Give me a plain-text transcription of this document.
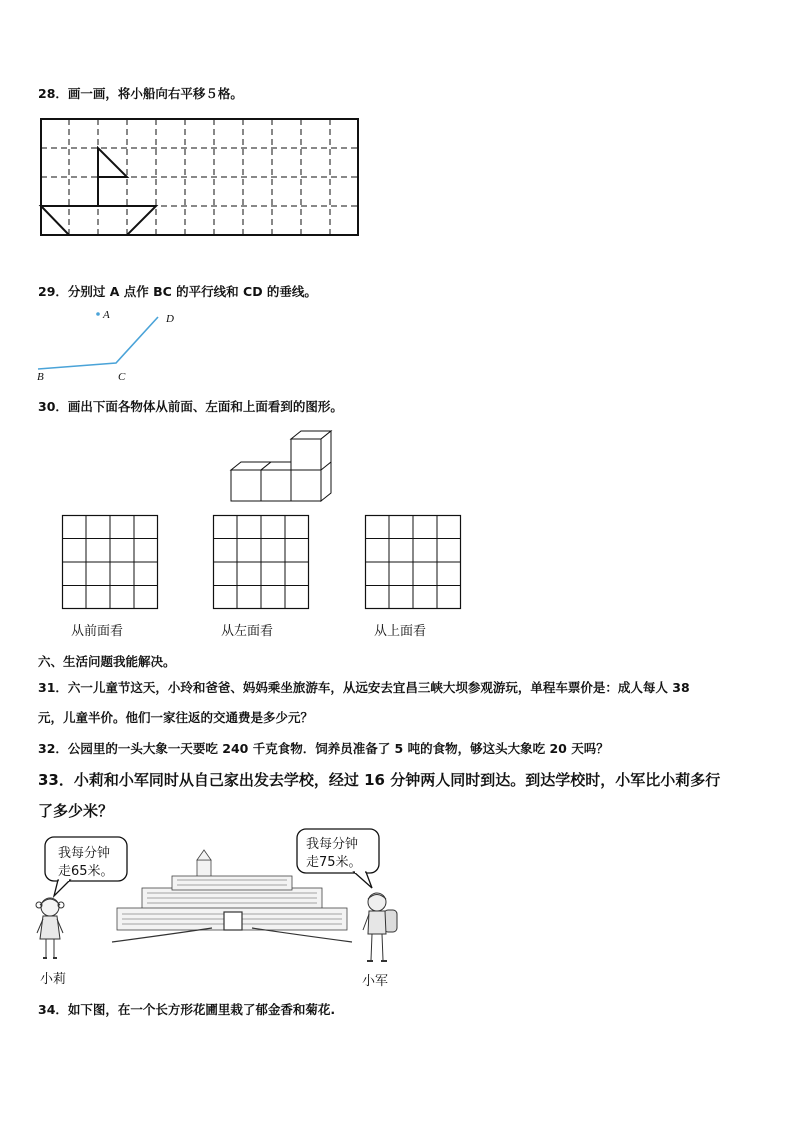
28．画一画，将小船向右平移５格。
29．分别过 A 点作 BC 的平行线和 CD 的垂线。
A	D
B	C
30．画出下面各物体从前面、左面和上面看到的图形。
从前面看	从左面看	从上面看
六、生活问题我能解决。
31．六一儿童节这天，小玲和爸爸、妈妈乘坐旅游车，从远安去宜昌三峡大坝参观游玩，单程车票价是：成人每人 38
元，儿童半价。他们一家往返的交通费是多少元？
32．公园里的一头大象一天要吃 240 千克食物．饲养员准备了 5 吨的食物，够这头大象吃 20 天吗？
33．小莉和小军同时从自己家出发去学校，经过 16 分钟两人同时到达。到达学校时，小军比小莉多行
了多少米？
我每分钟
走65米。
我每分钟
走75米。
小莉	小军
34．如下图，在一个长方形花圃里栽了郁金香和菊花.
